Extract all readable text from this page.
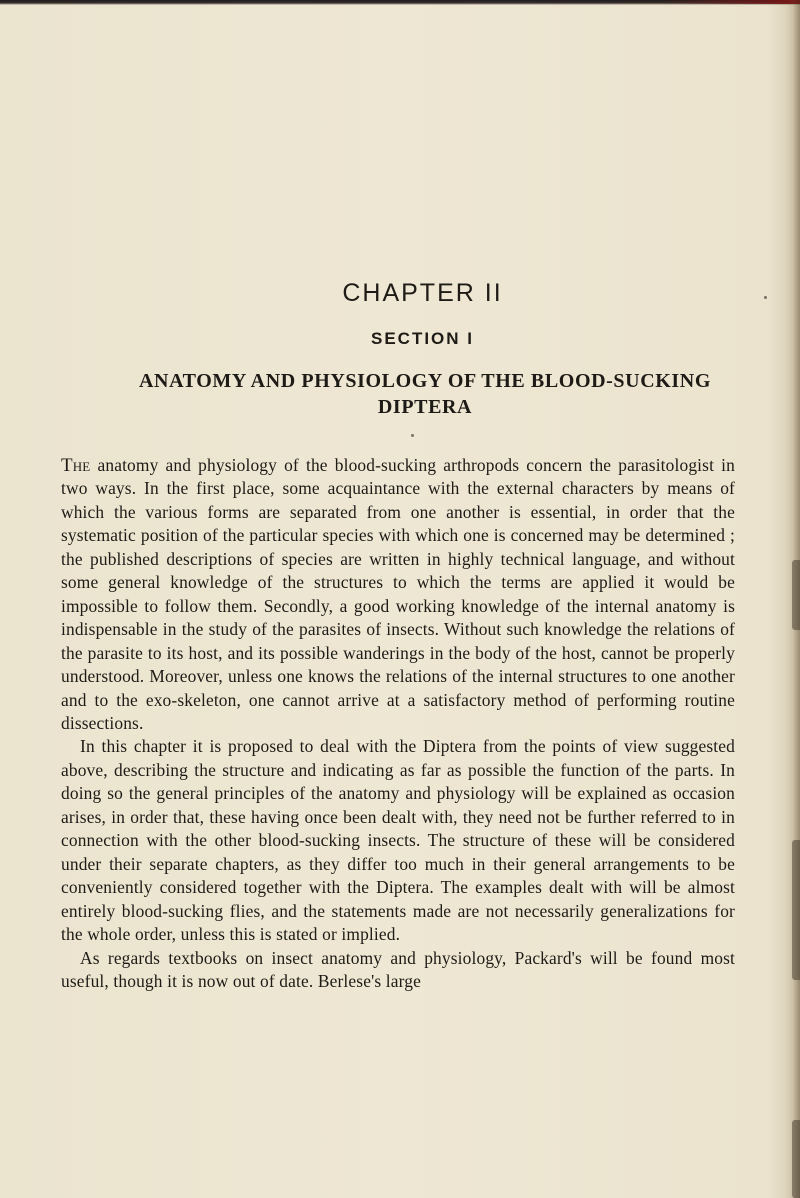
CHAPTER II
SECTION I
ANATOMY AND PHYSIOLOGY OF THE BLOOD-SUCKING
DIPTERA

The anatomy and physiology of the blood-sucking arthropods concern the parasitologist in two ways. In the first place, some acquaintance with the external characters by means of which the various forms are separated from one another is essential, in order that the systematic position of the particular species with which one is concerned may be determined ; the published descriptions of species are written in highly technical language, and without some general knowledge of the structures to which the terms are applied it would be impossible to follow them. Secondly, a good working knowledge of the internal anatomy is indispensable in the study of the parasites of insects. Without such knowledge the relations of the parasite to its host, and its possible wanderings in the body of the host, cannot be properly understood. Moreover, unless one knows the relations of the internal structures to one another and to the exo-skeleton, one cannot arrive at a satisfactory method of performing routine dissections.

In this chapter it is proposed to deal with the Diptera from the points of view suggested above, describing the structure and indicating as far as possible the function of the parts. In doing so the general principles of the anatomy and physiology will be explained as occasion arises, in order that, these having once been dealt with, they need not be further referred to in connection with the other blood-sucking insects. The structure of these will be considered under their separate chapters, as they differ too much in their general arrangements to be conveniently considered together with the Diptera. The examples dealt with will be almost entirely blood-sucking flies, and the statements made are not necessarily generalizations for the whole order, unless this is stated or implied.

As regards textbooks on insect anatomy and physiology, Packard's will be found most useful, though it is now out of date. Berlese's large
